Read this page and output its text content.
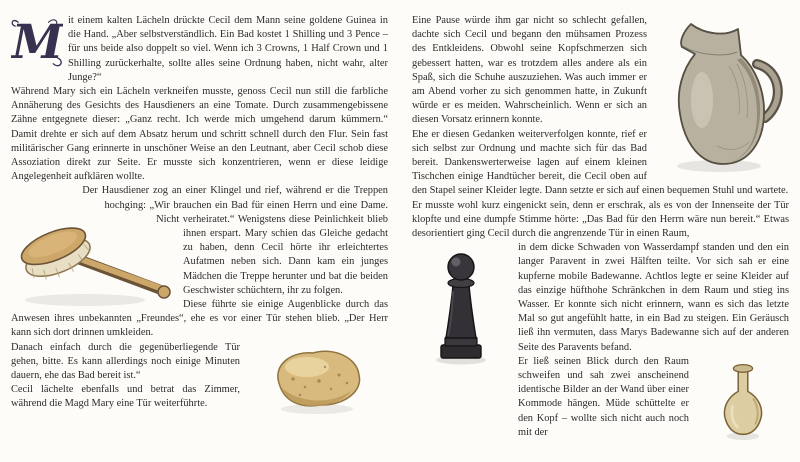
M it einem kalten Lächeln drückte Cecil dem Mann seine goldene Guinea in die Hand. „Aber selbstverständlich. Ein Bad kostet 1 Shilling und 3 Pence – für uns beide also doppelt so viel. Wenn ich 3 Crowns, 1 Half Crown und 1 Shilling zurückerhalte, sollte alles seine Ordnung haben, nicht wahr, alter Junge?“

Während Mary sich ein Lächeln verkneifen musste, genoss Cecil nun still die farbliche Annäherung des Gesichts des Hausdieners an eine Tomate. Durch zusammengebissene Zähne entgegnete dieser: „Ganz recht. Ich werde mich umgehend darum kümmern.“ Damit drehte er sich auf dem Absatz herum und schritt schnell durch den Flur. Sein fast militärischer Gang erinnerte in unschöner Weise an den Leutnant, aber Cecil schob diese Assoziation direkt zur Seite. Er musste sich konzentrieren, wenn er diese leidige Angelegenheit aufklären wollte.

Der Hausdiener zog an einer Klingel und rief, während er die Treppen hochging: „Wir brauchen ein Bad für einen Herrn und eine Dame. Nicht verheiratet.“ Wenigstens diese Peinlichkeit blieb ihnen erspart. Mary schien das Gleiche gedacht zu haben, denn Cecil hörte ihr erleichtertes Aufatmen neben sich. Dann kam ein junges Mädchen die Treppe herunter und bat die beiden Geschwister schüchtern, ihr zu folgen.

Diese führte sie einige Augenblicke durch das Anwesen ihres unbekannten „Freundes“, ehe es vor einer Tür stehen blieb. „Der Herr kann sich dort drinnen umkleiden.

Danach einfach durch die gegenüberliegende Tür gehen, bitte. Es kann allerdings noch einige Minuten dauern, ehe das Bad bereit ist.“

Cecil lächelte ebenfalls und betrat das Zimmer, während die Magd Mary eine Tür weiterführte.

Eine Pause würde ihm gar nicht so schlecht gefallen, dachte sich Cecil und begann den mühsamen Prozess des Entkleidens. Obwohl seine Kopfschmerzen sich gebessert hatten, war es trotzdem alles andere als ein Spaß, sich die Schuhe auszuziehen. Was auch immer er am Abend vorher zu sich genommen hatte, in Zukunft würde er es meiden. Wahrscheinlich. Wenn er sich an diesen Vorsatz erinnern konnte.

Ehe er diesen Gedanken weiterverfolgen konnte, rief er sich selbst zur Ordnung und machte sich für das Bad bereit. Dankenswerterweise lagen auf einem kleinen Tischchen einige Handtücher bereit, die Cecil oben auf den Stapel seiner Kleider legte. Dann setzte er sich auf einen bequemen Stuhl und wartete.

Er musste wohl kurz eingenickt sein, denn er erschrak, als es von der Innenseite der Tür klopfte und eine dumpfe Stimme hörte: „Das Bad für den Herrn wäre nun bereit.“ Etwas desorientiert ging Cecil durch die angrenzende Tür in einen Raum,

in dem dicke Schwaden von Wasserdampf standen und den ein langer Paravent in zwei Hälften teilte. Vor sich sah er eine kupferne mobile Badewanne. Achtlos legte er seine Kleider auf das einzige hüfthohe Schränkchen in dem Raum und stieg ins Wasser. Er konnte sich nicht erinnern, wann es sich das letzte Mal so gut angefühlt hatte, in ein Bad zu steigen. Ein Geräusch ließ ihn vermuten, dass Marys Badewanne sich auf der anderen Seite des Paravents befand.

Er ließ seinen Blick durch den Raum schweifen und sah zwei anscheinend identische Bilder an der Wand über einer Kommode hängen. Müde schüttelte er den Kopf – wollte sich nicht auch noch mit der
